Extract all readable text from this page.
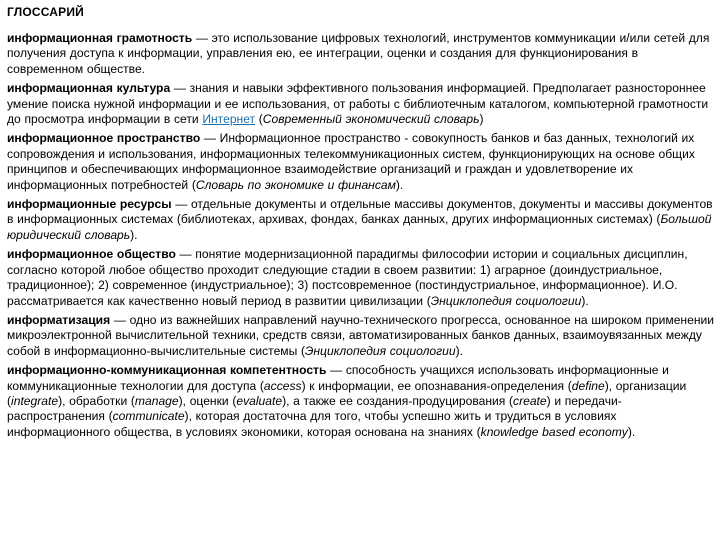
ГЛОССАРИЙ

информационная грамотность — это использование цифровых технологий, инструментов коммуникации и/или сетей для получения доступа к информации, управления ею, ее интеграции, оценки и создания для функционирования в современном обществе.

информационная культура — знания и навыки эффективного пользования информацией. Предполагает разностороннее умение поиска нужной информации и ее использования, от работы с библиотечным каталогом, компьютерной грамотности до просмотра информации в сети Интернет (Современный экономический словарь)

информационное пространство — Информационное пространство - совокупность банков и баз данных, технологий их сопровождения и использования, информационных телекоммуникационных систем, функционирующих на основе общих принципов и обеспечивающих информационное взаимодействие организаций и граждан и удовлетворение их информационных потребностей (Словарь по экономике и финансам).

информационные ресурсы — отдельные документы и отдельные массивы документов, документы и массивы документов в информационных системах (библиотеках, архивах, фондах, банках данных, других информационных системах) (Большой юридический словарь).

информационное общество — понятие модернизационной парадигмы философии истории и социальных дисциплин, согласно которой любое общество проходит следующие стадии в своем развитии: 1) аграрное (доиндустриальное, традиционное); 2) современное (индустриальное); 3) постсовременное (постиндустриальное, информационное). И.О. рассматривается как качественно новый период в развитии цивилизации (Энциклопедия социологии).

информатизация — одно из важнейших направлений научно-технического прогресса, основанное на широком применении микроэлектронной вычислительной техники, средств связи, автоматизированных банков данных, взаимоувязанных между собой в информационно-вычислительные системы (Энциклопедия социологии).

информационно-коммуникационная компетентность — способность учащихся использовать информационные и коммуникационные технологии для доступа (access) к информации, ее опознавания-определения (define), организации (integrate), обработки (manage), оценки (evaluate), а также ее создания-продуцирования (create) и передачи-распространения (communicate), которая достаточна для того, чтобы успешно жить и трудиться в условиях информационного общества, в условиях экономики, которая основана на знаниях (knowledge based economy).
